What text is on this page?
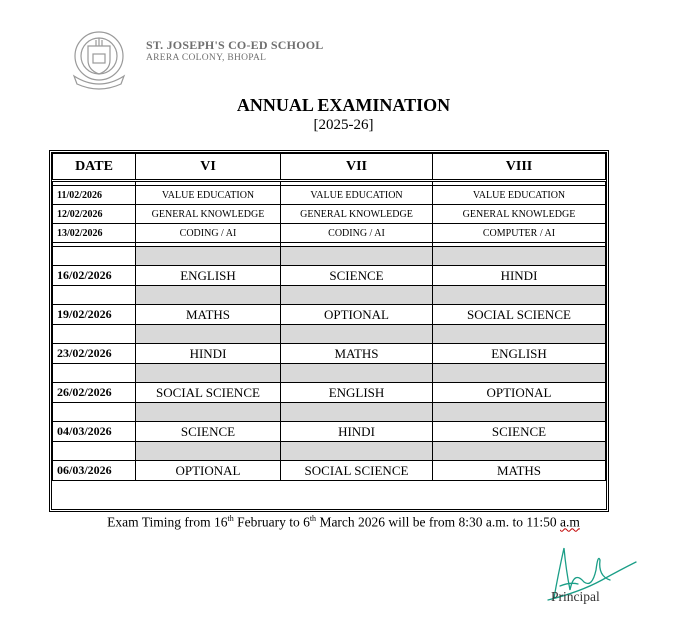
ST. JOSEPH'S CO-ED SCHOOL
ARERA COLONY, BHOPAL
ANNUAL EXAMINATION
[2025-26]
DATE	VI	VII	VIII

11/02/2026	VALUE EDUCATION	VALUE EDUCATION	VALUE EDUCATION
12/02/2026	GENERAL KNOWLEDGE	GENERAL KNOWLEDGE	GENERAL KNOWLEDGE
13/02/2026	CODING / AI	CODING / AI	COMPUTER / AI

16/02/2026	ENGLISH	SCIENCE	HINDI

19/02/2026	MATHS	OPTIONAL	SOCIAL SCIENCE

23/02/2026	HINDI	MATHS	ENGLISH

26/02/2026	SOCIAL SCIENCE	ENGLISH	OPTIONAL

04/03/2026	SCIENCE	HINDI	SCIENCE

06/03/2026	OPTIONAL	SOCIAL SCIENCE	MATHS
Exam Timing from 16th February to 6th March 2026 will be from 8:30 a.m. to 11:50 a.m
Principal
